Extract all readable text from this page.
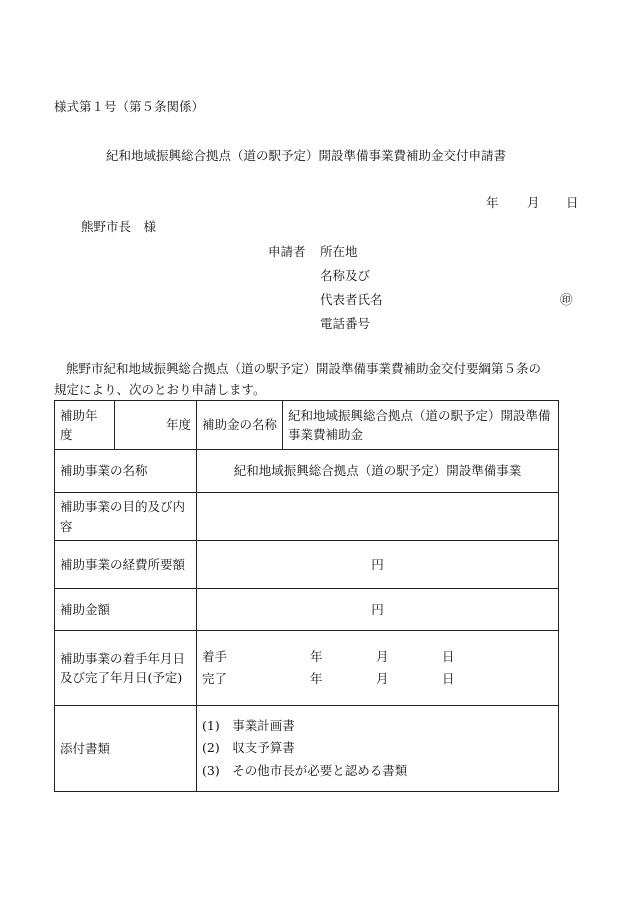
様式第１号（第５条関係）
紀和地域振興総合拠点（道の駅予定）開設準備事業費補助金交付申請書
年 月 日
熊野市長　様
申請者 所在地
名称及び
代表者氏名	㊞
電話番号
熊野市紀和地域振興総合拠点（道の駅予定）開設準備事業費補助金交付要綱第５条の
規定により、次のとおり申請します。
補助年度	年度	補助金の名称	紀和地域振興総合拠点（道の駅予定）開設準備事業費補助金
補助事業の名称		紀和地域振興総合拠点（道の駅予定）開設準備事業	
補助事業の目的及び内容			
補助事業の経費所要額		円	
補助金額		円	
補助事業の着手年月日及び完了年月日(予定)		着手 年 月 日
完了 年 月 日	

添付書類		(1)　事業計画書
(2)　収支予算書
(3)　その他市長が必要と認める書類	
